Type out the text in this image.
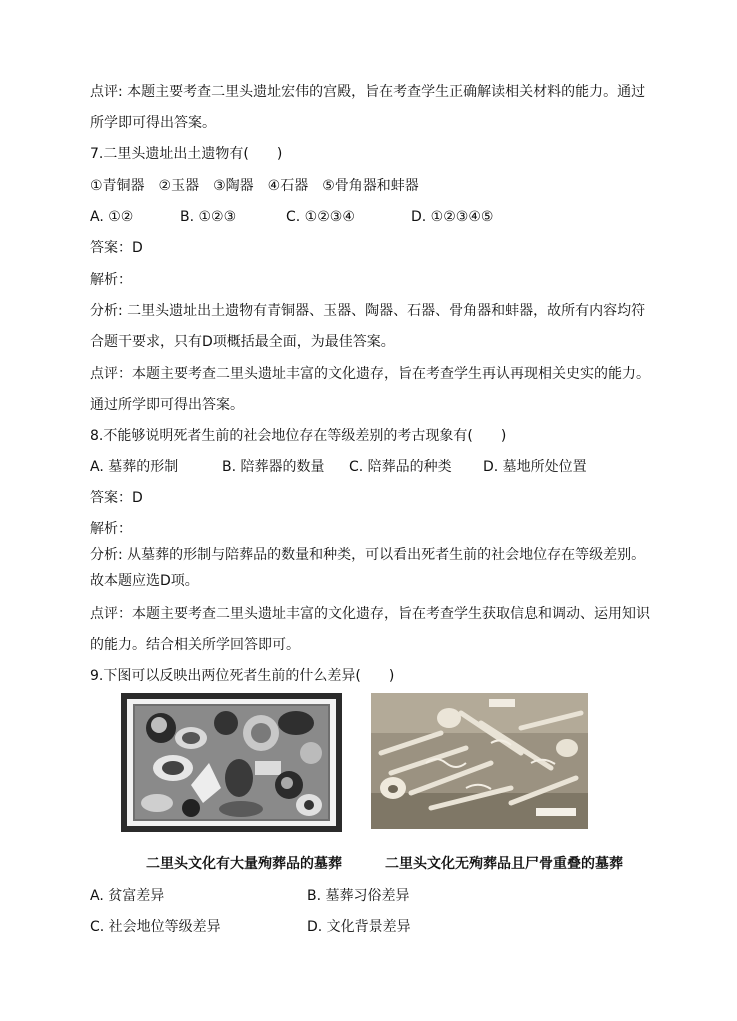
点评: 本题主要考查二里头遗址宏伟的宫殿，旨在考查学生正确解读相关材料的能力。通过
所学即可得出答案。
7.二里头遗址出土遗物有(　　)
①青铜器　②玉器　③陶器　④石器　⑤骨角器和蚌器
A. ①②	B. ①②③	C. ①②③④	D. ①②③④⑤
答案：D
解析：
分析: 二里头遗址出土遗物有青铜器、玉器、陶器、石器、骨角器和蚌器，故所有内容均符
合题干要求，只有D项概括最全面，为最佳答案。
点评：本题主要考查二里头遗址丰富的文化遗存，旨在考查学生再认再现相关史实的能力。
通过所学即可得出答案。
8.不能够说明死者生前的社会地位存在等级差别的考古现象有(　　)
A. 墓葬的形制	B. 陪葬器的数量 C. 陪葬品的种类 D. 墓地所处位置
答案：D
解析：
分析: 从墓葬的形制与陪葬品的数量和种类，可以看出死者生前的社会地位存在等级差别。
故本题应选D项。
点评：本题主要考查二里头遗址丰富的文化遗存，旨在考查学生获取信息和调动、运用知识
的能力。结合相关所学回答即可。
9.下图可以反映出两位死者生前的什么差异(　　)
二里头文化有大量殉葬品的墓葬	二里头文化无殉葬品且尸骨重叠的墓葬
A. 贫富差异	B. 墓葬习俗差异
C. 社会地位等级差异	D. 文化背景差异
